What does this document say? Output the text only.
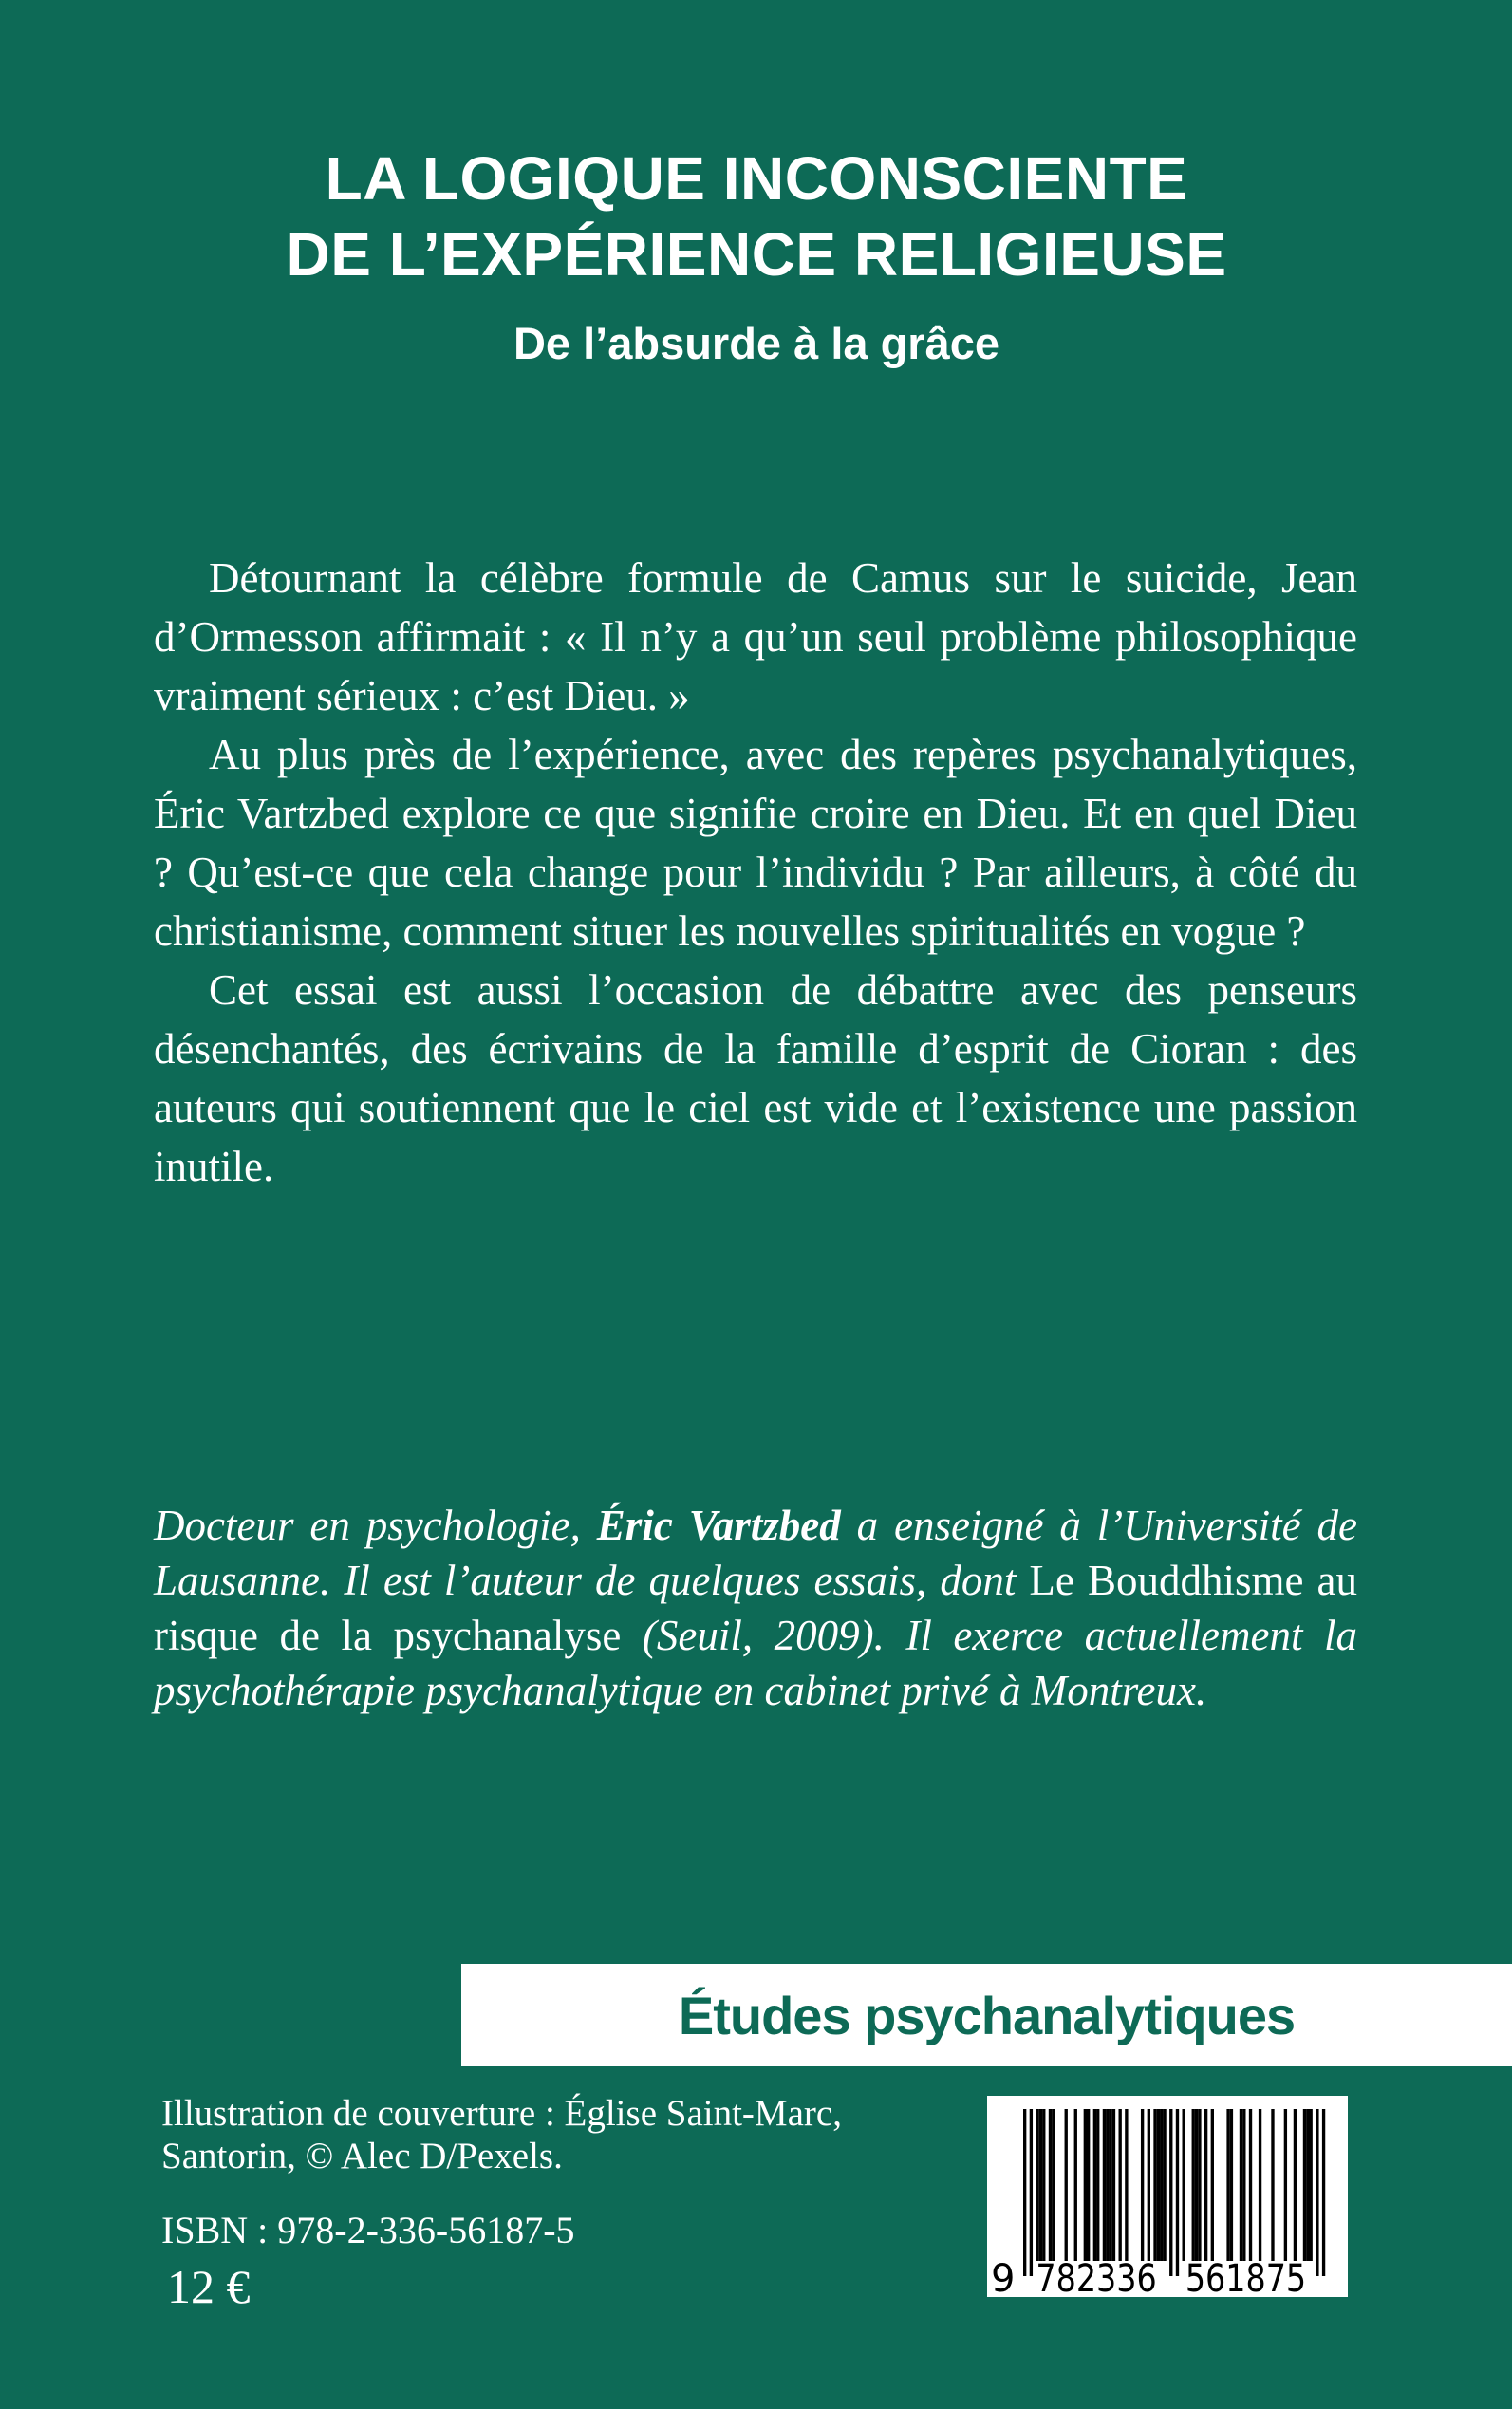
LA LOGIQUE INCONSCIENTE
DE L’EXPÉRIENCE RELIGIEUSE
De l’absurde à la grâce

Détournant la célèbre formule de Camus sur le suicide, Jean d’Ormesson affirmait : « Il n’y a qu’un seul problème philosophique vraiment sérieux : c’est Dieu. »

Au plus près de l’expérience, avec des repères psychanalytiques, Éric Vartzbed explore ce que signifie croire en Dieu. Et en quel Dieu ? Qu’est-ce que cela change pour l’individu ? Par ailleurs, à côté du christianisme, comment situer les nouvelles spiritualités en vogue ?

Cet essai est aussi l’occasion de débattre avec des penseurs désenchantés, des écrivains de la famille d’esprit de Cioran : des auteurs qui soutiennent que le ciel est vide et l’existence une passion inutile.

Docteur en psychologie, Éric Vartzbed a enseigné à l’Université de Lausanne. Il est l’auteur de quelques essais, dont Le Bouddhisme au risque de la psychanalyse (Seuil, 2009). Il exerce actuellement la psychothérapie psychanalytique en cabinet privé à Montreux.

Études psychanalytiques
Illustration de couverture : Église Saint-Marc,
Santorin, © Alec D/Pexels.
ISBN : 978-2-336-56187-5
12 €	9 782336 561875
